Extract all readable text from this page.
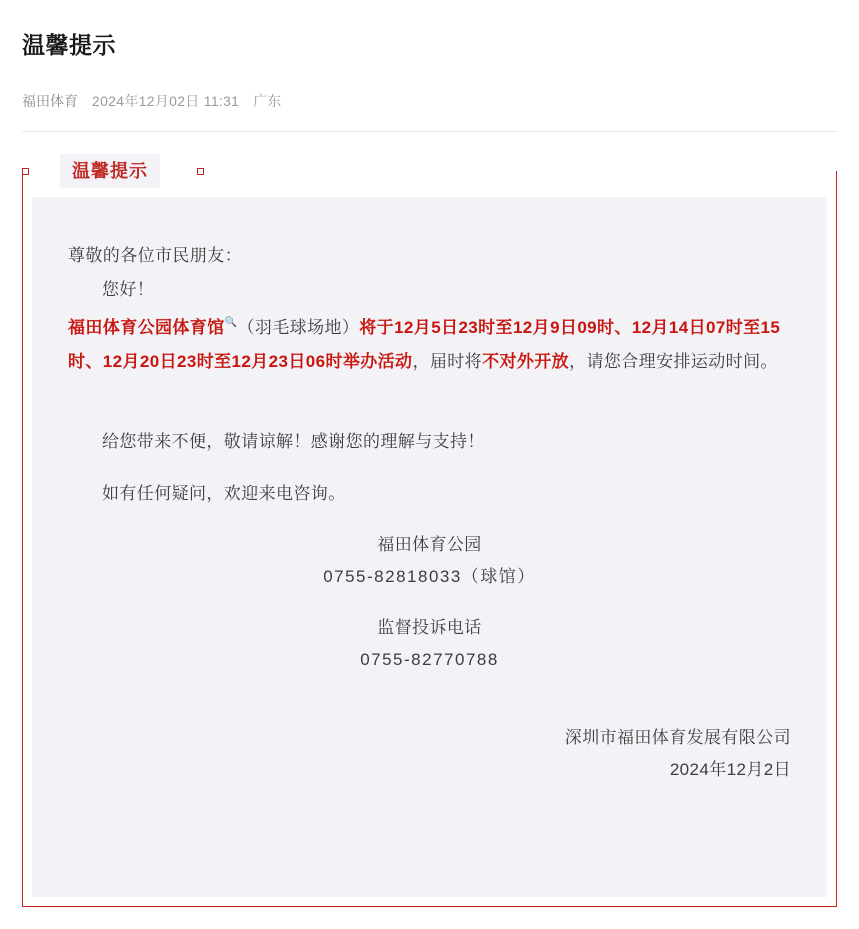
温馨提示
福田体育 2024年12月02日 11:31 广东
温馨提示

尊敬的各位市民朋友：

您好！

福田体育公园体育馆🔍（羽毛球场地）将于12月5日23时至12月9日09时、12月14日07时至15时、12月20日23时至12月23日06时举办活动，届时将不对外开放，请您合理安排运动时间。

给您带来不便，敬请谅解！感谢您的理解与支持！

如有任何疑问，欢迎来电咨询。

福田体育公园

0755-82818033（球馆）

监督投诉电话

0755-82770788

深圳市福田体育发展有限公司

2024年12月2日
